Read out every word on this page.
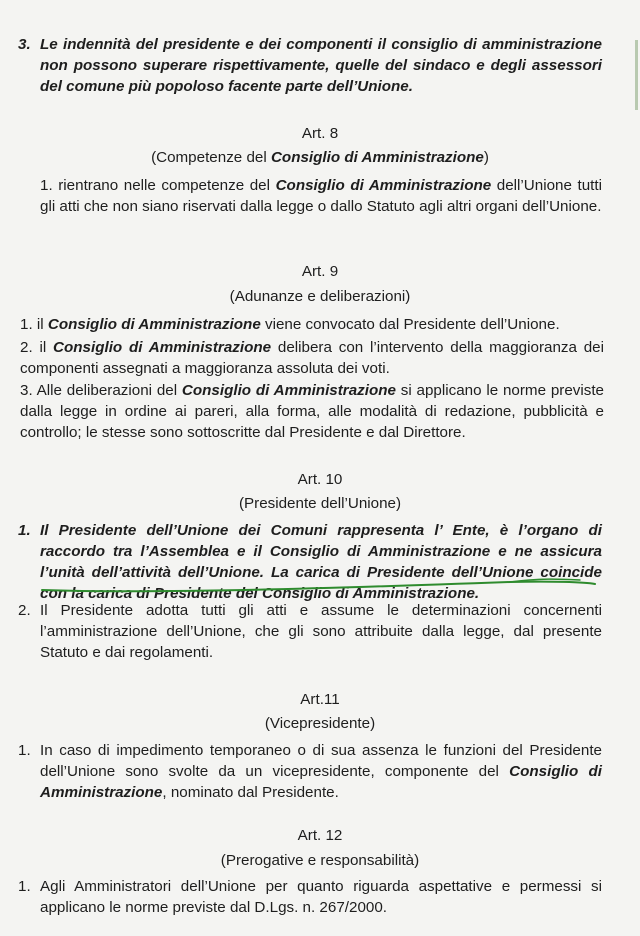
3. Le indennità del presidente e dei componenti il consiglio di amministrazione non possono superare rispettivamente, quelle del sindaco e degli assessori del comune più popoloso facente parte dell’Unione.

Art. 8

(Competenze del Consiglio di Amministrazione)

1. rientrano nelle competenze del Consiglio di Amministrazione dell’Unione tutti gli atti che non siano riservati dalla legge o dallo Statuto agli altri organi dell’Unione.

Art. 9

(Adunanze e deliberazioni)

1. il Consiglio di Amministrazione viene convocato dal Presidente dell’Unione.

2. il Consiglio di Amministrazione delibera con l’intervento della maggioranza dei componenti assegnati a maggioranza assoluta dei voti.

3. Alle deliberazioni del Consiglio di Amministrazione si applicano le norme previste dalla legge in ordine ai pareri, alla forma, alle modalità di redazione, pubblicità e controllo; le stesse sono sottoscritte dal Presidente e dal Direttore.

Art. 10

(Presidente dell’Unione)

1. Il Presidente dell’Unione dei Comuni rappresenta l’ Ente, è l’organo di raccordo tra l’Assemblea e il Consiglio di Amministrazione e ne assicura l’unità dell’attività dell’Unione. La carica di Presidente dell’Unione coincide con la carica di Presidente del Consiglio di Amministrazione.

2. Il Presidente adotta tutti gli atti e assume le determinazioni concernenti l’amministrazione dell’Unione, che gli sono attribuite dalla legge, dal presente Statuto e dai regolamenti.

Art.11

(Vicepresidente)

1. In caso di impedimento temporaneo o di sua assenza le funzioni del Presidente dell’Unione sono svolte da un vicepresidente, componente del Consiglio di Amministrazione, nominato dal Presidente.

Art. 12

(Prerogative e responsabilità)

1. Agli Amministratori dell’Unione per quanto riguarda aspettative e permessi si applicano le norme previste dal D.Lgs. n. 267/2000.
